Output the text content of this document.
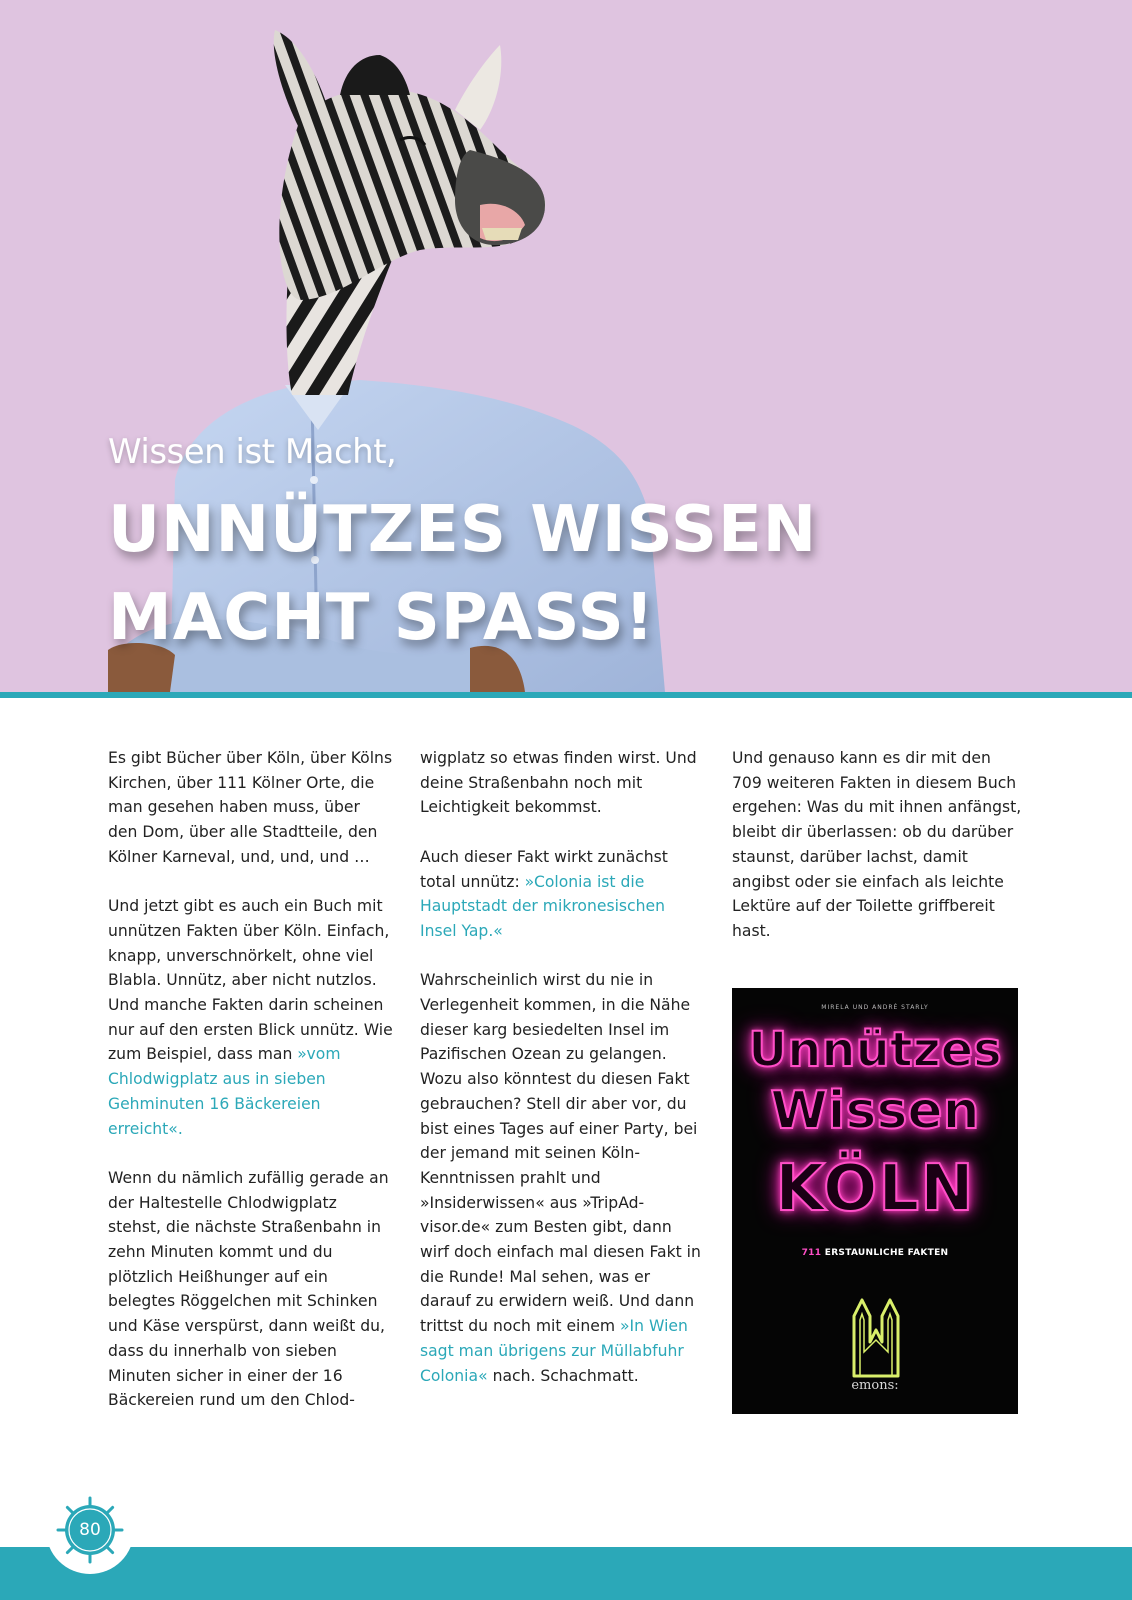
Wissen ist Macht,
UNNÜTZES WISSEN
MACHT SPASS!

Es gibt Bücher über Köln, über Kölns Kirchen, über 111 Kölner Orte, die man gesehen haben muss, über den Dom, über alle Stadtteile, den Kölner Karneval, und, und, und …

Und jetzt gibt es auch ein Buch mit unnützen Fakten über Köln. Einfach, knapp, unverschnörkelt, ohne viel Blabla. Unnütz, aber nicht nutzlos. Und manche Fakten darin scheinen nur auf den ersten Blick unnütz. Wie zum Beispiel, dass man »vom Chlodwigplatz aus in sieben Gehminuten 16 Bäckereien erreicht«.

Wenn du nämlich zufällig gerade an der Haltestelle Chlodwigplatz stehst, die nächste Straßenbahn in zehn Minuten kommt und du plötzlich Heißhunger auf ein belegtes Röggelchen mit Schinken und Käse verspürst, dann weißt du, dass du innerhalb von sieben Minuten sicher in einer der 16 Bäckereien rund um den Chlod-

wigplatz so etwas finden wirst. Und deine Straßenbahn noch mit Leichtigkeit bekommst.

Auch dieser Fakt wirkt zunächst total unnütz: »Colonia ist die Hauptstadt der mikronesischen Insel Yap.«

Wahrscheinlich wirst du nie in Verlegenheit kommen, in die Nähe dieser karg besiedelten Insel im Pazifischen Ozean zu gelangen. Wozu also könntest du diesen Fakt gebrauchen? Stell dir aber vor, du bist eines Tages auf einer Party, bei der jemand mit seinen Köln-Kenntnissen prahlt und »Insiderwissen« aus »TripAd-visor.de« zum Besten gibt, dann wirf doch einfach mal diesen Fakt in die Runde! Mal sehen, was er darauf zu erwidern weiß. Und dann trittst du noch mit einem »In Wien sagt man übrigens zur Müllabfuhr Colonia« nach. Schachmatt.

Und genauso kann es dir mit den 709 weiteren Fakten in diesem Buch ergehen: Was du mit ihnen anfängst, bleibt dir überlassen: ob du darüber staunst, darüber lachst, damit angibst oder sie einfach als leichte Lektüre auf der Toilette griffbereit hast.

MIRELA UND ANDRÉ STARLY
Unnützes
Wissen
KÖLN
711 ERSTAUNLICHE FAKTEN
emons:
80
